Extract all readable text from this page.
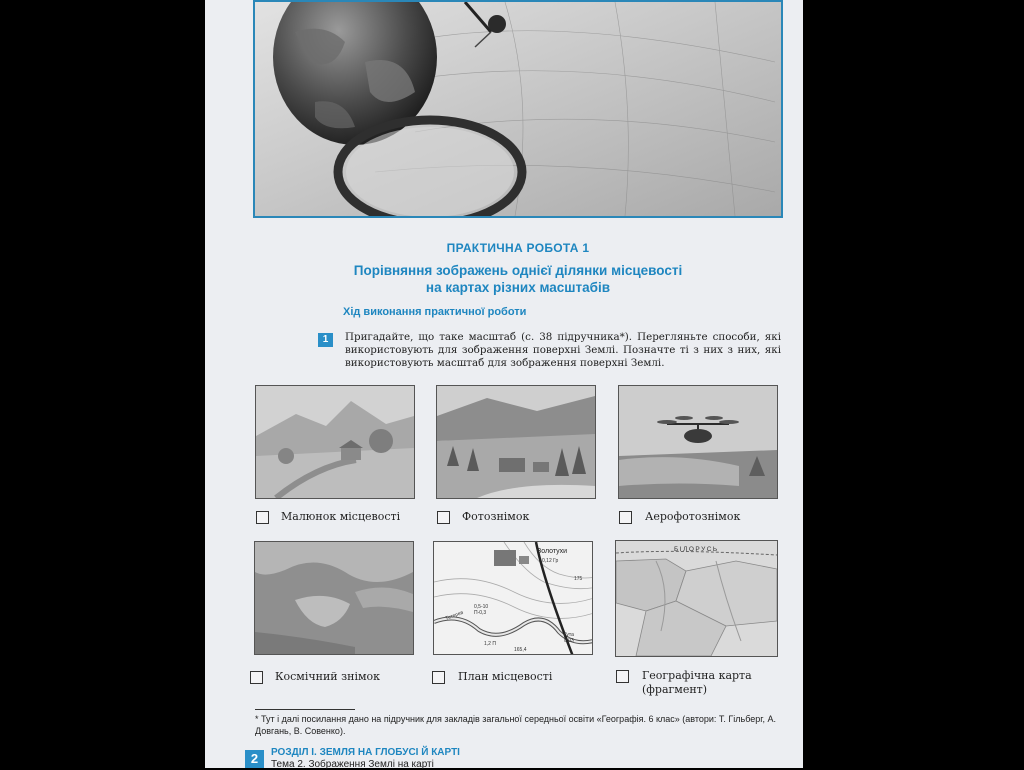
ПРАКТИЧНА РОБОТА 1
Порівняння зображень однієї ділянки місцевості
на картах різних масштабів
Хід виконання практичної роботи
1	Пригадайте, що таке масштаб (с. 38 підручника*). Перегляньте способи, які використовують для зображення поверхні Землі. Позначте ті з них з них, які використовують масштаб для зображення поверхні Землі.
Малюнок місцевості	Фотознімок	Аерофотознімок
Золотухи
0,12 Гр
175
0,5-10 П-0,3
1,2 П
165,4
Гута 0,03
Тетерев
БІЛОРУСЬ
Космічний знімок	План місцевості	Географічна карта
(фрагмент)
* Тут і далі посилання дано на підручник для закладів загальної середньої освіти «Географія. 6 клас» (автори: Т. Гільберг, А. Довгань, В. Совенко).
2	РОЗДІЛ І. ЗЕМЛЯ НА ГЛОБУСІ Й КАРТІ
Тема 2. Зображення Землі на карті
